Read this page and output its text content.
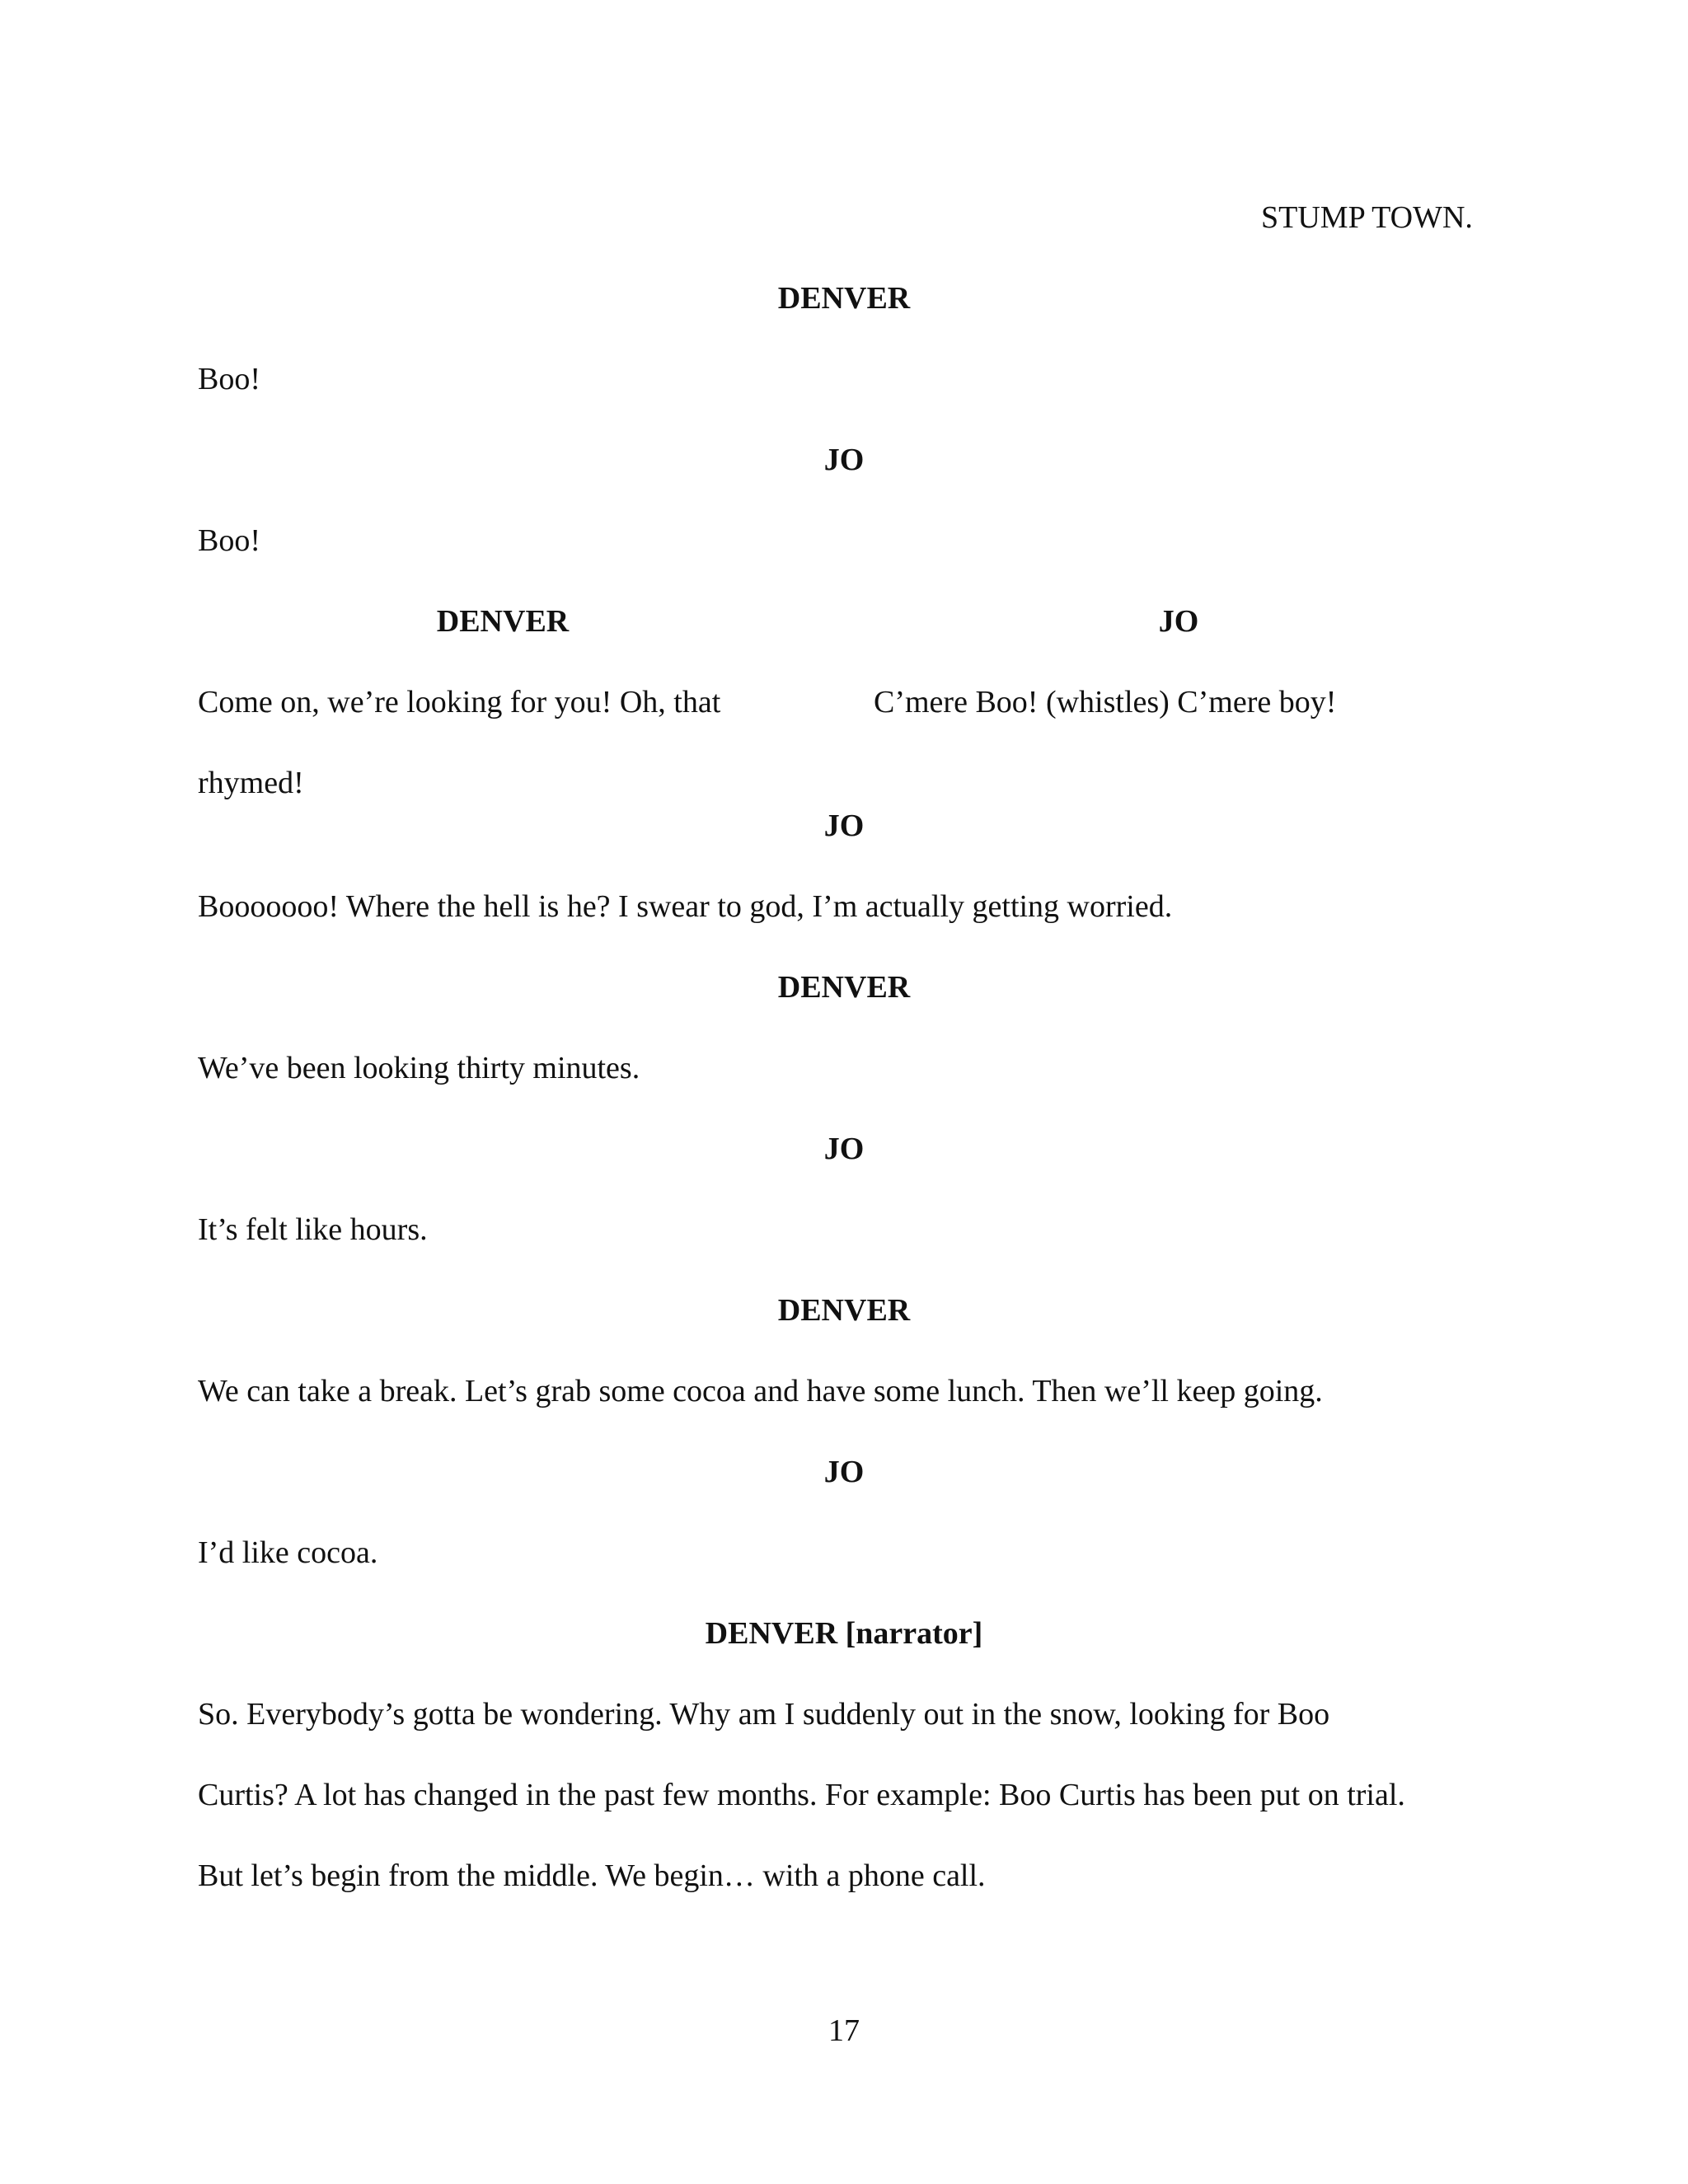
STUMP TOWN.
DENVER
Boo!
JO
Boo!
DENVER	JO
Come on, we’re looking for you! Oh, that	C’mere Boo! (whistles) C’mere boy!
rhymed!
JO
Booooooo! Where the hell is he? I swear to god, I’m actually getting worried.
DENVER
We’ve been looking thirty minutes.
JO
It’s felt like hours.
DENVER
We can take a break. Let’s grab some cocoa and have some lunch. Then we’ll keep going.
JO
I’d like cocoa.
DENVER [narrator]
So. Everybody’s gotta be wondering. Why am I suddenly out in the snow, looking for Boo
Curtis? A lot has changed in the past few months. For example: Boo Curtis has been put on trial.
But let’s begin from the middle. We begin… with a phone call.
17
